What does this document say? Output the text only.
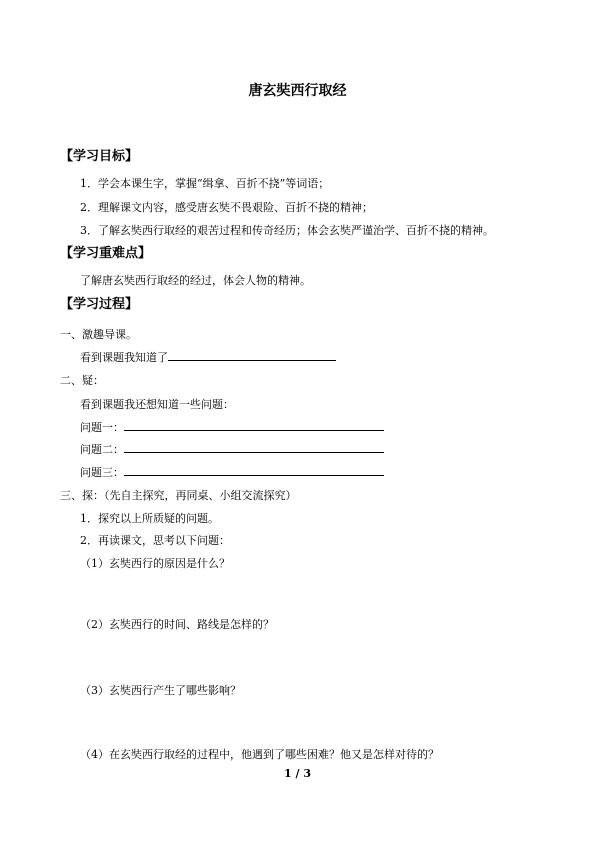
唐玄奘西行取经
【学习目标】
1．学会本课生字，掌握“缉拿、百折不挠”等词语；
2．理解课文内容，感受唐玄奘不畏艰险、百折不挠的精神；
3．了解玄奘西行取经的艰苦过程和传奇经历；体会玄奘严谨治学、百折不挠的精神。
【学习重难点】
了解唐玄奘西行取经的经过，体会人物的精神。
【学习过程】
一、激趣导课。
看到课题我知道了
二、疑：
看到课题我还想知道一些问题：
问题一：
问题二：
问题三：
三、探：（先自主探究，再同桌、小组交流探究）
1．探究以上所质疑的问题。
2．再读课文，思考以下问题：
（1）玄奘西行的原因是什么？
（2）玄奘西行的时间、路线是怎样的？
（3）玄奘西行产生了哪些影响？
（4）在玄奘西行取经的过程中，他遇到了哪些困难？他又是怎样对待的？
1 / 3
